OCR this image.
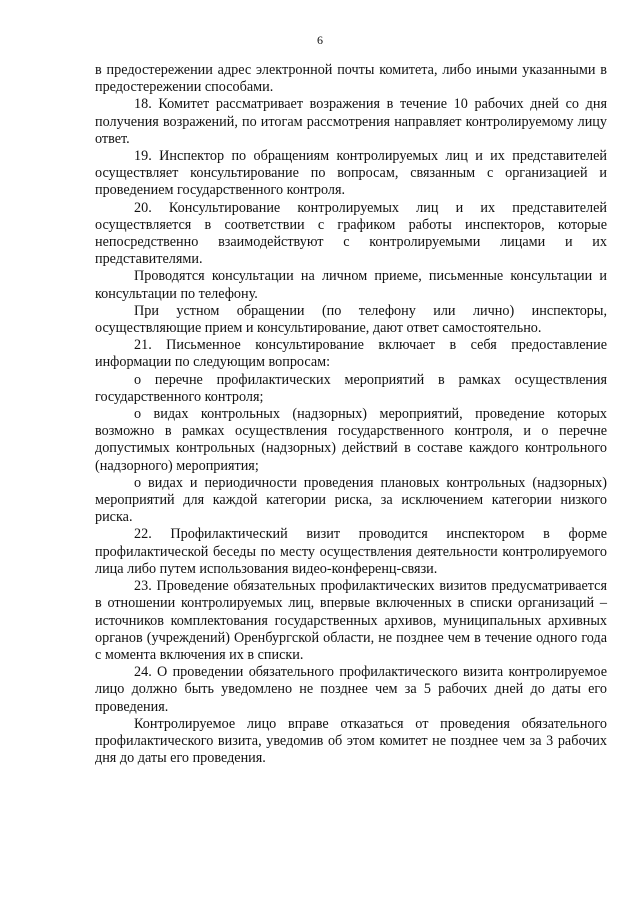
6

в предостережении адрес электронной почты комитета, либо иными указанными в предостережении способами.

18. Комитет рассматривает возражения в течение 10 рабочих дней со дня получения возражений, по итогам рассмотрения направляет контролируемому лицу ответ.

19. Инспектор по обращениям контролируемых лиц и их представителей осуществляет консультирование по вопросам, связанным с организацией и проведением государственного контроля.

20. Консультирование контролируемых лиц и их представителей осуществляется в соответствии с графиком работы инспекторов, которые непосредственно взаимодействуют с контролируемыми лицами и их представителями.

Проводятся консультации на личном приеме, письменные консультации и консультации по телефону.

При устном обращении (по телефону или лично) инспекторы, осуществляющие прием и консультирование, дают ответ самостоятельно.

21. Письменное консультирование включает в себя предоставление информации по следующим вопросам:

о перечне профилактических мероприятий в рамках осуществления государственного контроля;

о видах контрольных (надзорных) мероприятий, проведение которых возможно в рамках осуществления государственного контроля, и о перечне допустимых контрольных (надзорных) действий в составе каждого контрольного (надзорного) мероприятия;

о видах и периодичности проведения плановых контрольных (надзорных) мероприятий для каждой категории риска, за исключением категории низкого риска.

22. Профилактический визит проводится инспектором в форме профилактической беседы по месту осуществления деятельности контролируемого лица либо путем использования видео-конференц-связи.

23. Проведение обязательных профилактических визитов предусматривается в отношении контролируемых лиц, впервые включенных в списки организаций – источников комплектования государственных архивов, муниципальных архивных органов (учреждений) Оренбургской области, не позднее чем в течение одного года с момента включения их в списки.

24. О проведении обязательного профилактического визита контролируемое лицо должно быть уведомлено не позднее чем за 5 рабочих дней до даты его проведения.

Контролируемое лицо вправе отказаться от проведения обязательного профилактического визита, уведомив об этом комитет не позднее чем за 3 рабочих дня до даты его проведения.
